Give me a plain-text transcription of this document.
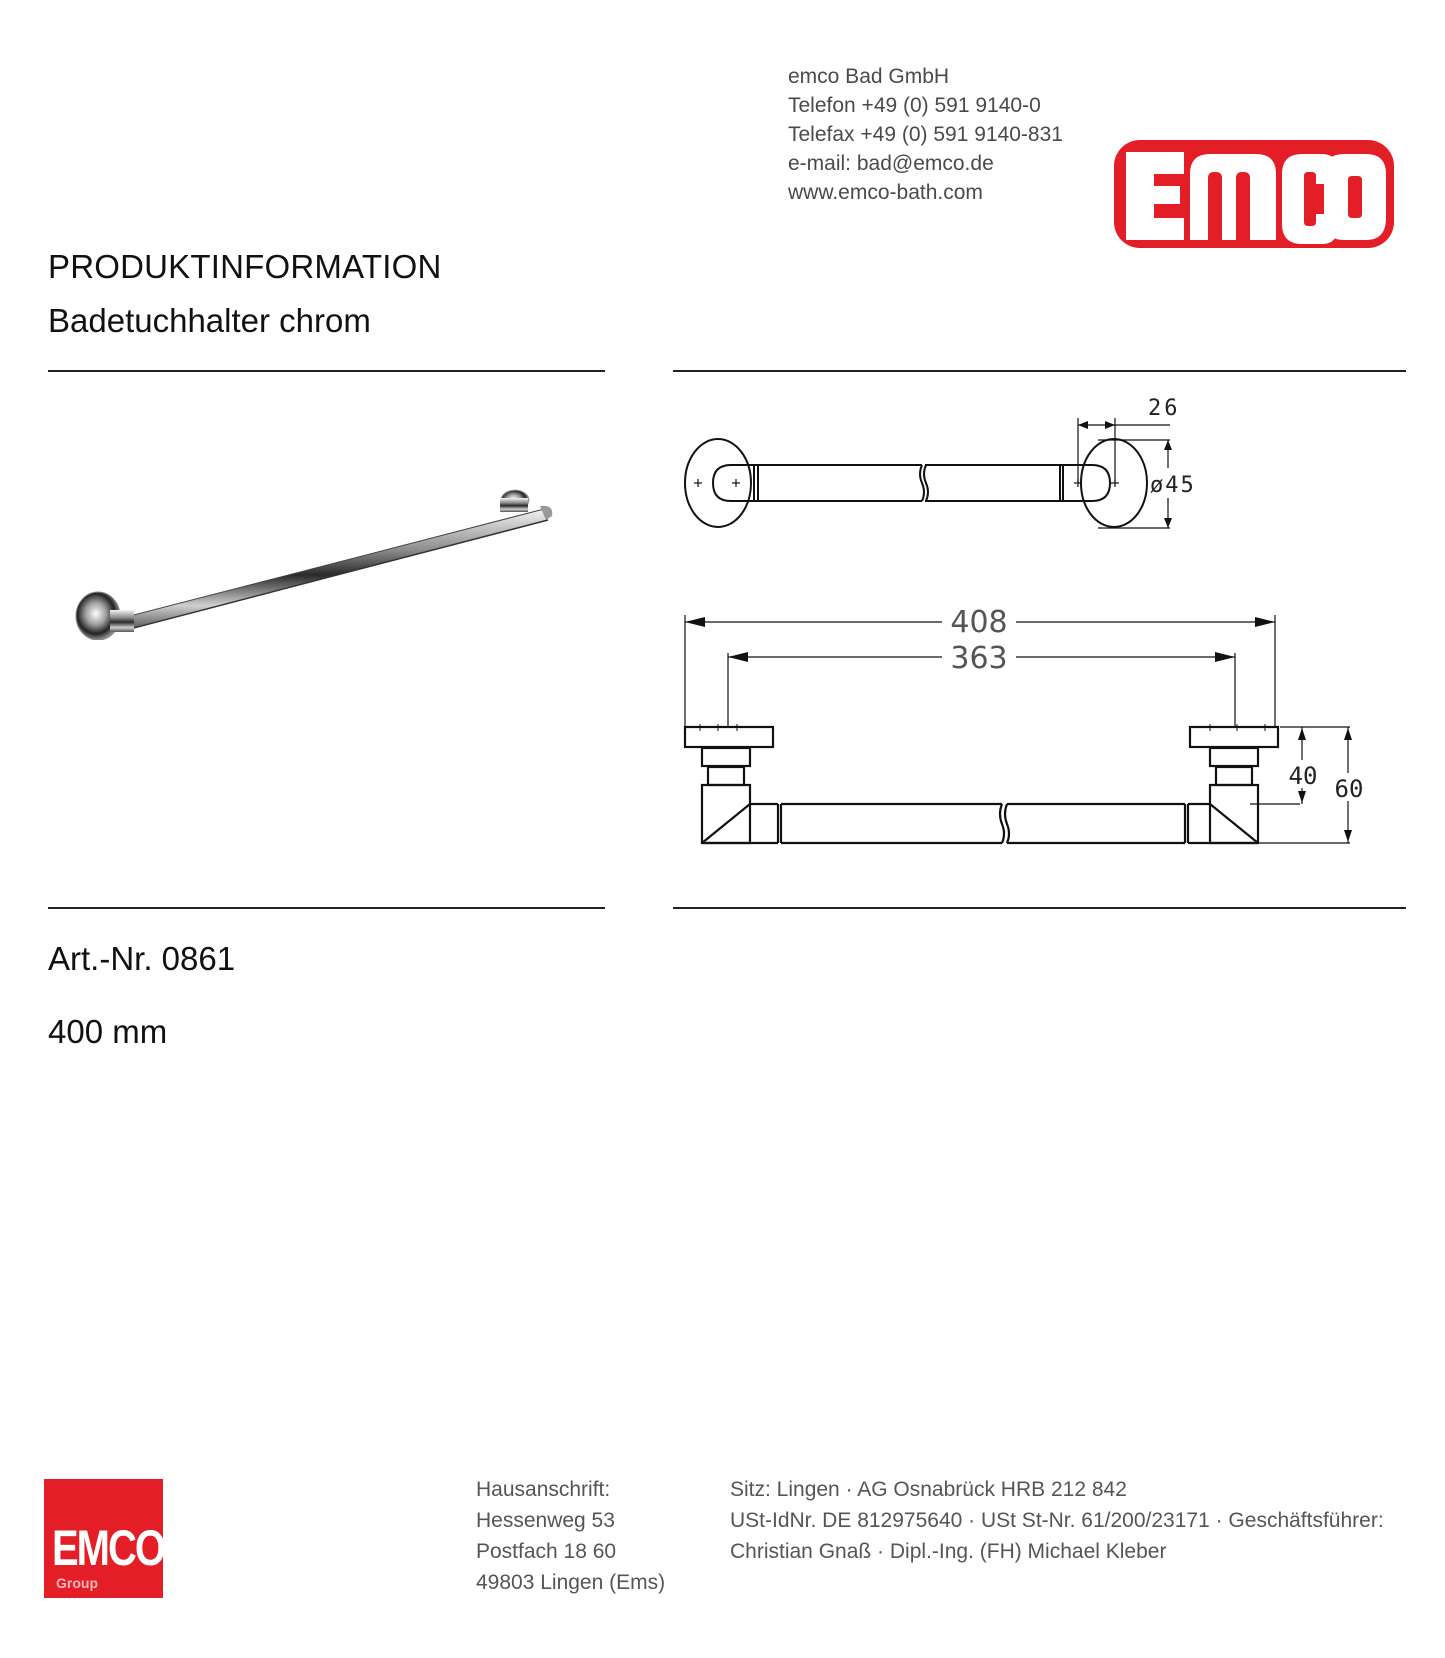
emco Bad GmbH
Telefon +49 (0) 591 9140-0
Telefax +49 (0) 591 9140-831
e-mail: bad@emco.de
www.emco-bath.com
PRODUKTINFORMATION
Badetuchhalter chrom
26
ø45
408
363
40 60
Art.-Nr. 0861
400 mm
EMCO
Group
Hausanschrift:
Hessenweg 53
Postfach 18 60
49803 Lingen (Ems)
Sitz: Lingen · AG Osnabrück HRB 212 842
USt-IdNr. DE 812975640 · USt St-Nr. 61/200/23171 · Geschäftsführer:
Christian Gnaß · Dipl.-Ing. (FH) Michael Kleber
